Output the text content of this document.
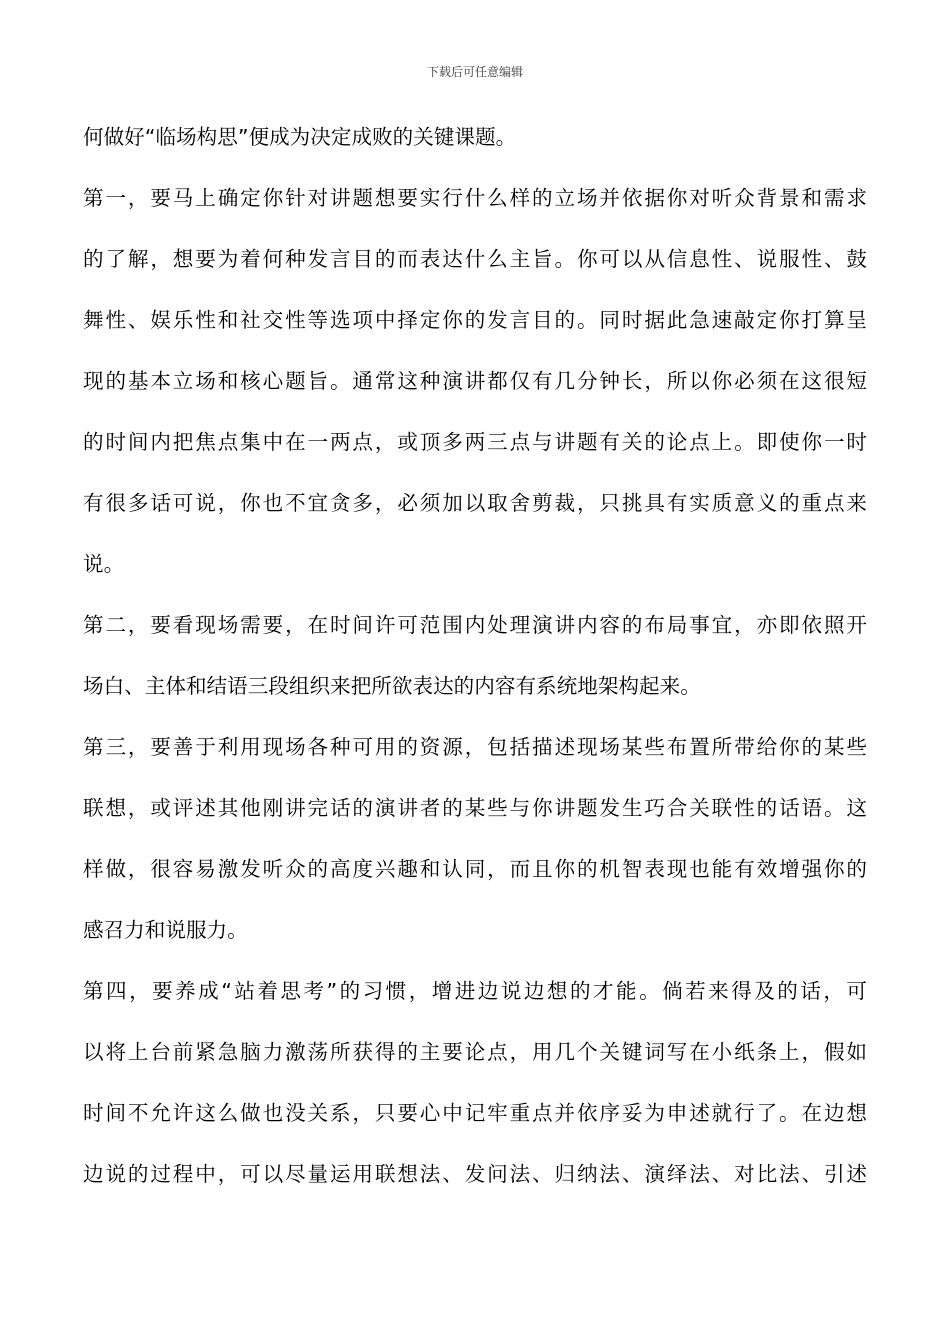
下载后可任意编辑
何做好“临场构思”便成为决定成败的关键课题。
第一，要马上确定你针对讲题想要实行什么样的立场并依据你对听众背景和需求
的了解，想要为着何种发言目的而表达什么主旨。你可以从信息性、说服性、鼓
舞性、娱乐性和社交性等选项中择定你的发言目的。同时据此急速敲定你打算呈
现的基本立场和核心题旨。通常这种演讲都仅有几分钟长，所以你必须在这很短
的时间内把焦点集中在一两点，或顶多两三点与讲题有关的论点上。即使你一时
有很多话可说，你也不宜贪多，必须加以取舍剪裁，只挑具有实质意义的重点来
说。
第二，要看现场需要，在时间许可范围内处理演讲内容的布局事宜，亦即依照开
场白、主体和结语三段组织来把所欲表达的内容有系统地架构起来。
第三，要善于利用现场各种可用的资源，包括描述现场某些布置所带给你的某些
联想，或评述其他刚讲完话的演讲者的某些与你讲题发生巧合关联性的话语。这
样做，很容易激发听众的高度兴趣和认同，而且你的机智表现也能有效增强你的
感召力和说服力。
第四，要养成“站着思考”的习惯，增进边说边想的才能。倘若来得及的话，可
以将上台前紧急脑力激荡所获得的主要论点，用几个关键词写在小纸条上，假如
时间不允许这么做也没关系，只要心中记牢重点并依序妥为申述就行了。在边想
边说的过程中，可以尽量运用联想法、发问法、归纳法、演绎法、对比法、引述
